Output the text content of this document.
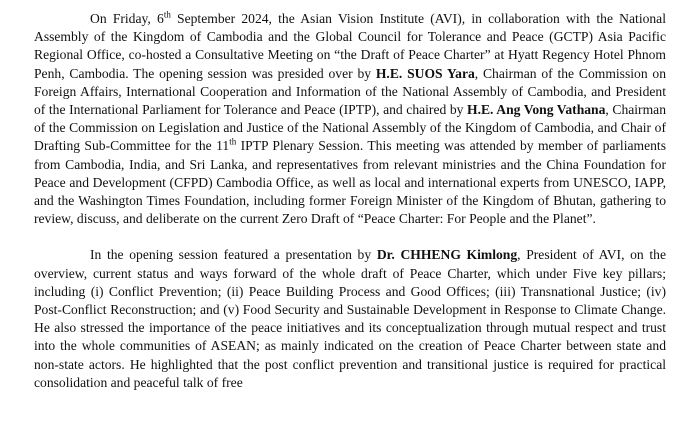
On Friday, 6th September 2024, the Asian Vision Institute (AVI), in collaboration with the National Assembly of the Kingdom of Cambodia and the Global Council for Tolerance and Peace (GCTP) Asia Pacific Regional Office, co-hosted a Consultative Meeting on “the Draft of Peace Charter” at Hyatt Regency Hotel Phnom Penh, Cambodia. The opening session was presided over by H.E. SUOS Yara, Chairman of the Commission on Foreign Affairs, International Cooperation and Information of the National Assembly of Cambodia, and President of the International Parliament for Tolerance and Peace (IPTP), and chaired by H.E. Ang Vong Vathana, Chairman of the Commission on Legislation and Justice of the National Assembly of the Kingdom of Cambodia, and Chair of Drafting Sub-Committee for the 11th IPTP Plenary Session. This meeting was attended by member of parliaments from Cambodia, India, and Sri Lanka, and representatives from relevant ministries and the China Foundation for Peace and Development (CFPD) Cambodia Office, as well as local and international experts from UNESCO, IAPP, and the Washington Times Foundation, including former Foreign Minister of the Kingdom of Bhutan, gathering to review, discuss, and deliberate on the current Zero Draft of “Peace Charter: For People and the Planet”.

In the opening session featured a presentation by Dr. CHHENG Kimlong, President of AVI, on the overview, current status and ways forward of the whole draft of Peace Charter, which under Five key pillars; including (i) Conflict Prevention; (ii) Peace Building Process and Good Offices; (iii) Transnational Justice; (iv) Post-Conflict Reconstruction; and (v) Food Security and Sustainable Development in Response to Climate Change. He also stressed the importance of the peace initiatives and its conceptualization through mutual respect and trust into the whole communities of ASEAN; as mainly indicated on the creation of Peace Charter between state and non-state actors. He highlighted that the post conflict prevention and transitional justice is required for practical consolidation and peaceful talk of free
